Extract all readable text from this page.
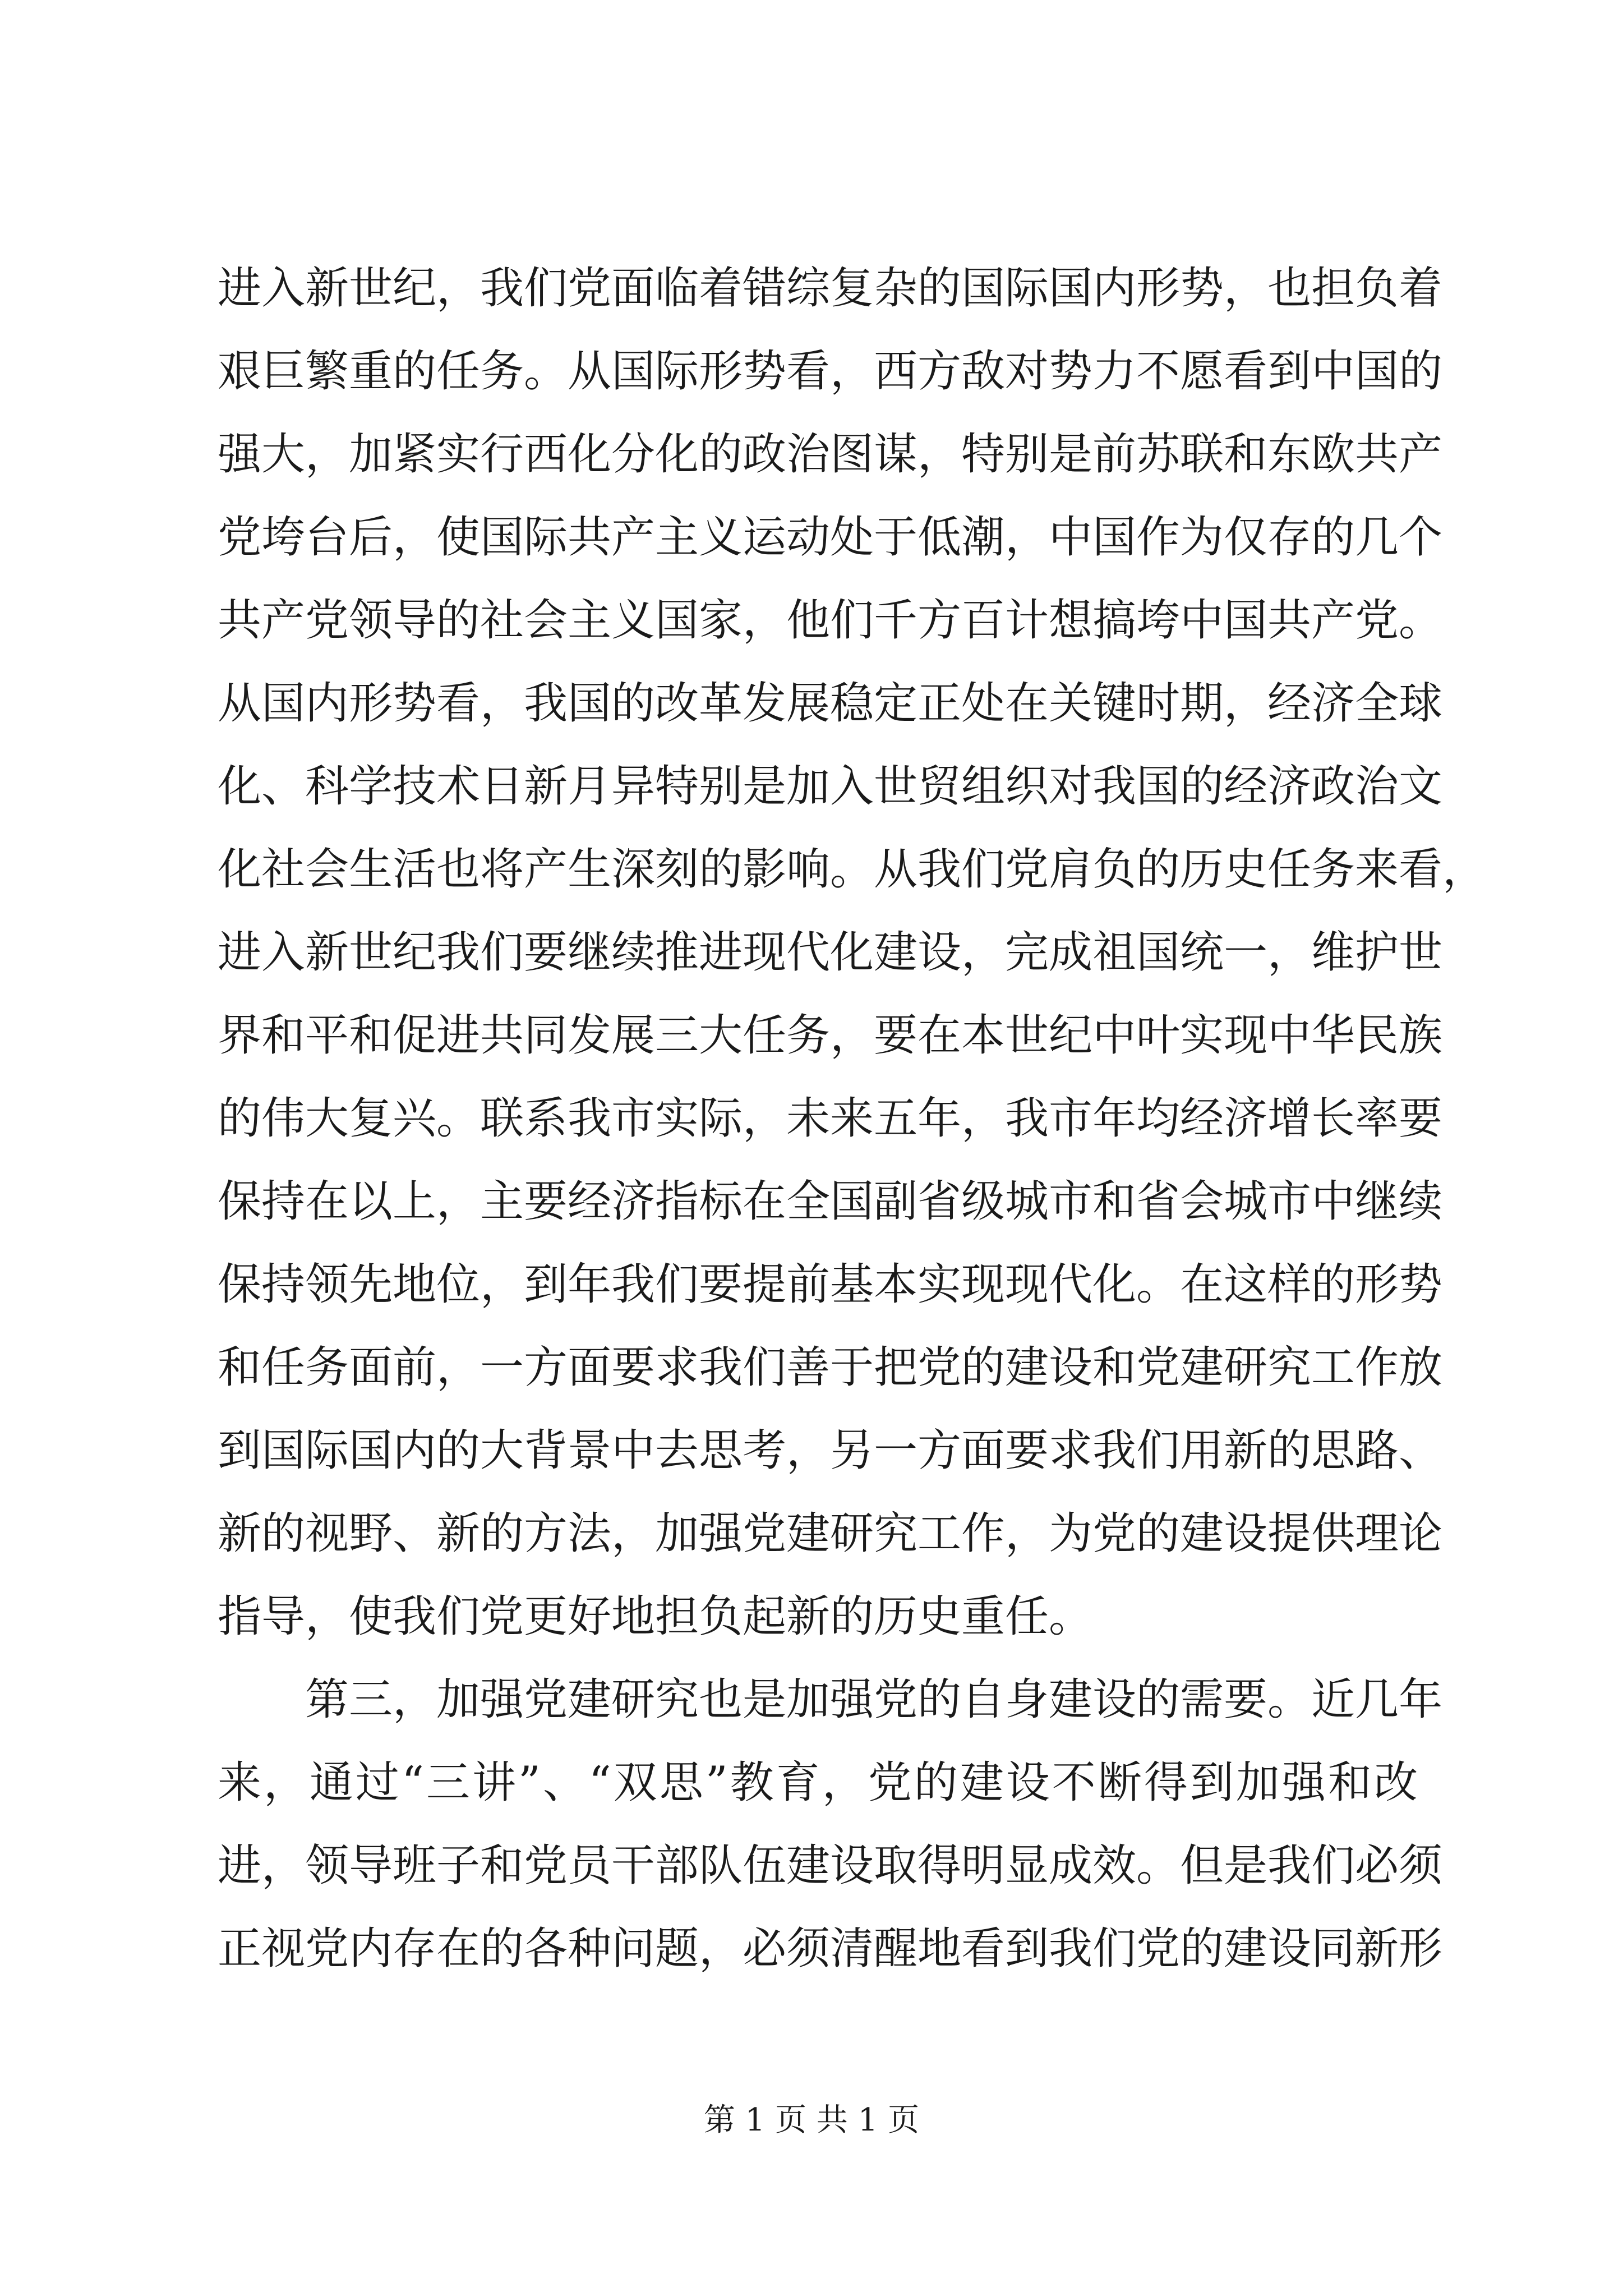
进入新世纪，我们党面临着错综复杂的国际国内形势，也担负着
艰巨繁重的任务。从国际形势看，西方敌对势力不愿看到中国的
强大，加紧实行西化分化的政治图谋，特别是前苏联和东欧共产
党垮台后，使国际共产主义运动处于低潮，中国作为仅存的几个
共产党领导的社会主义国家，他们千方百计想搞垮中国共产党。
从国内形势看，我国的改革发展稳定正处在关键时期，经济全球
化、科学技术日新月异特别是加入世贸组织对我国的经济政治文
化社会生活也将产生深刻的影响。从我们党肩负的历史任务来看，
进入新世纪我们要继续推进现代化建设，完成祖国统一，维护世
界和平和促进共同发展三大任务，要在本世纪中叶实现中华民族
的伟大复兴。联系我市实际，未来五年，我市年均经济增长率要
保持在以上，主要经济指标在全国副省级城市和省会城市中继续
保持领先地位，到年我们要提前基本实现现代化。在这样的形势
和任务面前，一方面要求我们善于把党的建设和党建研究工作放
到国际国内的大背景中去思考，另一方面要求我们用新的思路、
新的视野、新的方法，加强党建研究工作，为党的建设提供理论
指导，使我们党更好地担负起新的历史重任。
第三，加强党建研究也是加强党的自身建设的需要。近几年
来，通过“三讲”、“双思”教育，党的建设不断得到加强和改
进，领导班子和党员干部队伍建设取得明显成效。但是我们必须
正视党内存在的各种问题，必须清醒地看到我们党的建设同新形
第 1 页 共 1 页
